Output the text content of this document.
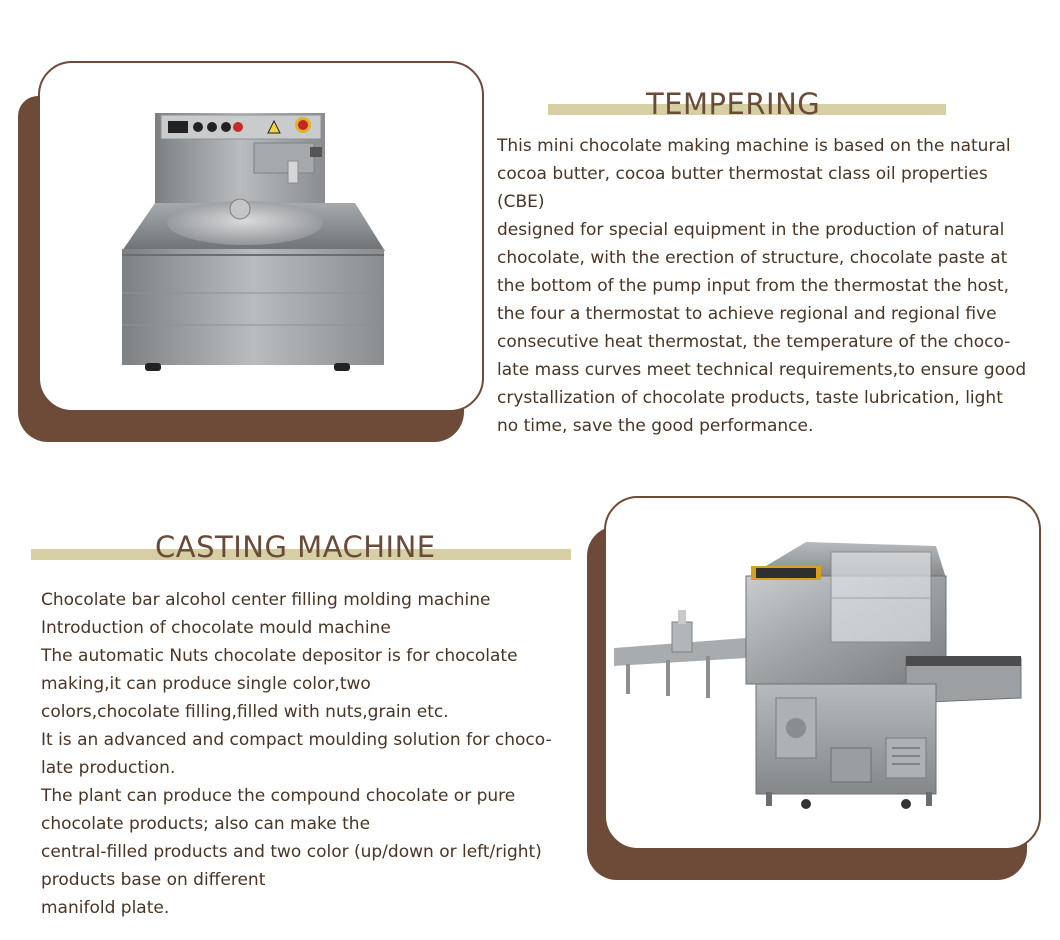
TEMPERING
This mini chocolate making machine is based on the natural
cocoa butter, cocoa butter thermostat class oil properties
(CBE)
designed for special equipment in the production of natural
chocolate, with the erection of structure, chocolate paste at
the bottom of the pump input from the thermostat the host,
the four a thermostat to achieve regional and regional five
consecutive heat thermostat, the temperature of the choco-
late mass curves meet technical requirements,to ensure good
crystallization of chocolate products, taste lubrication, light
no time, save the good performance.
CASTING MACHINE
Chocolate bar alcohol center filling molding machine
Introduction of chocolate mould machine
The automatic Nuts chocolate depositor is for chocolate
making,it can produce single color,two
colors,chocolate filling,filled with nuts,grain etc.
It is an advanced and compact moulding solution for choco-
late production.
The plant can produce the compound chocolate or pure
chocolate products; also can make the
central-filled products and two color (up/down or left/right)
products base on different
manifold plate.
